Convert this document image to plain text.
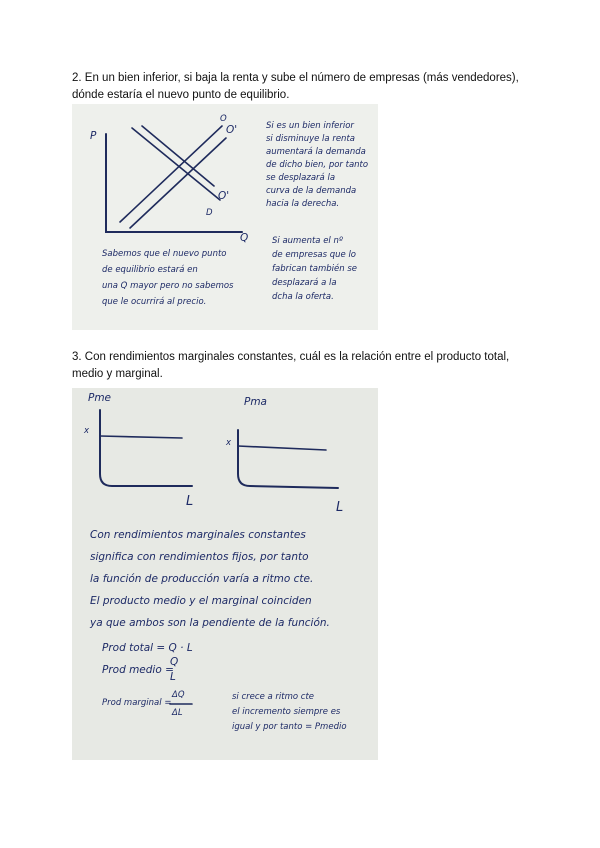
2. En un bien inferior, si baja la renta y sube el número de empresas (más vendedores),
dónde estaría el nuevo punto de equilibrio.
P
O
O'
O'
D
Q
Si es un bien inferior
si disminuye la renta
aumentará la demanda
de dicho bien, por tanto
se desplazará la
curva de la demanda
hacia la derecha.
Si aumenta el nº
de empresas que lo
fabrican también se
desplazará a la
dcha la oferta.
Sabemos que el nuevo punto
de equilibrio estará en
una Q mayor pero no sabemos
que le ocurrirá al precio.
3. Con rendimientos marginales constantes, cuál es la relación entre el producto total,
medio y marginal.
Pme	Pma
x
x
L	L
Con rendimientos marginales constantes
significa con rendimientos fijos, por tanto
la función de producción varía a ritmo cte.
El producto medio y el marginal coinciden
ya que ambos son la pendiente de la función.
Prod total = Q · L
Prod medio =
Q
L
Prod marginal =
ΔQ
ΔL
si crece a ritmo cte
el incremento siempre es
igual y por tanto = Pmedio
